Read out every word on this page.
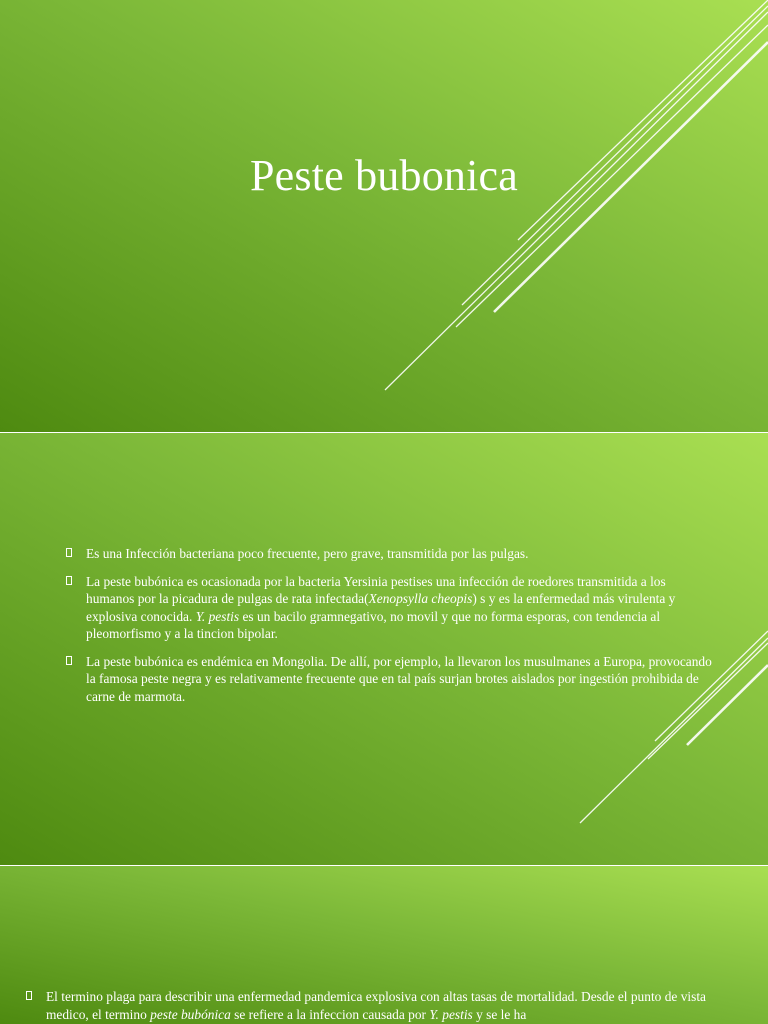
Peste bubonica
Es una Infección bacteriana poco frecuente, pero grave, transmitida por las pulgas.
La peste bubónica es ocasionada por la bacteria Yersinia pestises una infección de roedores transmitida a los humanos por la picadura de pulgas de rata infectada(Xenopsylla cheopis) s y es la enfermedad más virulenta y explosiva conocida. Y. pestis es un bacilo gramnegativo, no movil y que no forma esporas, con tendencia al pleomorfismo y a la tincion bipolar.
La peste bubónica es endémica en Mongolia. De allí, por ejemplo, la llevaron los musulmanes a Europa, provocando la famosa peste negra y es relativamente frecuente que en tal país surjan brotes aislados por ingestión prohibida de carne de marmota.
El termino plaga para describir una enfermedad pandemica explosiva con altas tasas de mortalidad. Desde el punto de vista medico, el termino peste bubónica se refiere a la infeccion causada por Y. pestis y se le ha
